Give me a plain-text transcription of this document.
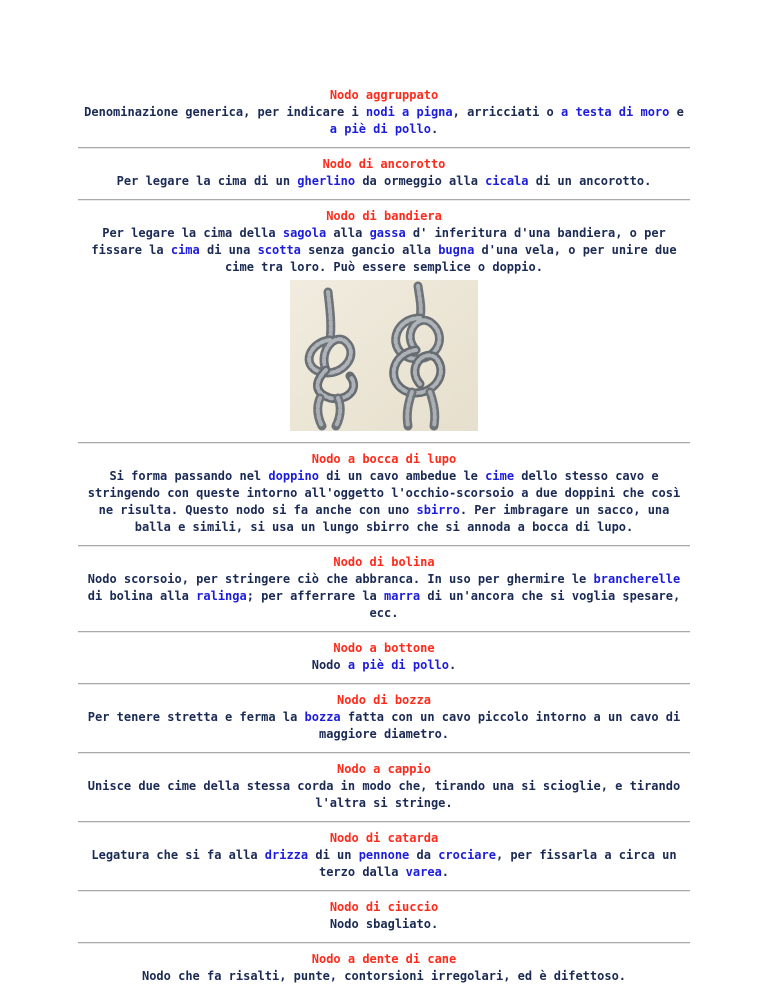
Nodo aggruppato
Denominazione generica, per indicare i nodi a pigna, arricciati o a testa di moro e a piè di pollo.
Nodo di ancorotto
Per legare la cima di un gherlino da ormeggio alla cicala di un ancorotto.
Nodo di bandiera
Per legare la cima della sagola alla gassa d' inferitura d'una bandiera, o per fissare la cima di una scotta senza gancio alla bugna d'una vela, o per unire due cime tra loro. Può essere semplice o doppio.
Nodo a bocca di lupo
Si forma passando nel doppino di un cavo ambedue le cime dello stesso cavo e stringendo con queste intorno all'oggetto l'occhio-scorsoio a due doppini che così ne risulta. Questo nodo si fa anche con uno sbirro. Per imbragare un sacco, una balla e simili, si usa un lungo sbirro che si annoda a bocca di lupo.
Nodo di bolina
Nodo scorsoio, per stringere ciò che abbranca. In uso per ghermire le brancherelle di bolina alla ralinga; per afferrare la marra di un'ancora che si voglia spesare, ecc.
Nodo a bottone
Nodo a piè di pollo.
Nodo di bozza
Per tenere stretta e ferma la bozza fatta con un cavo piccolo intorno a un cavo di maggiore diametro.
Nodo a cappio
Unisce due cime della stessa corda in modo che, tirando una si scioglie, e tirando l'altra si stringe.
Nodo di catarda
Legatura che si fa alla drizza di un pennone da crociare, per fissarla a circa un terzo dalla varea.
Nodo di ciuccio
Nodo sbagliato.
Nodo a dente di cane
Nodo che fa risalti, punte, contorsioni irregolari, ed è difettoso.
